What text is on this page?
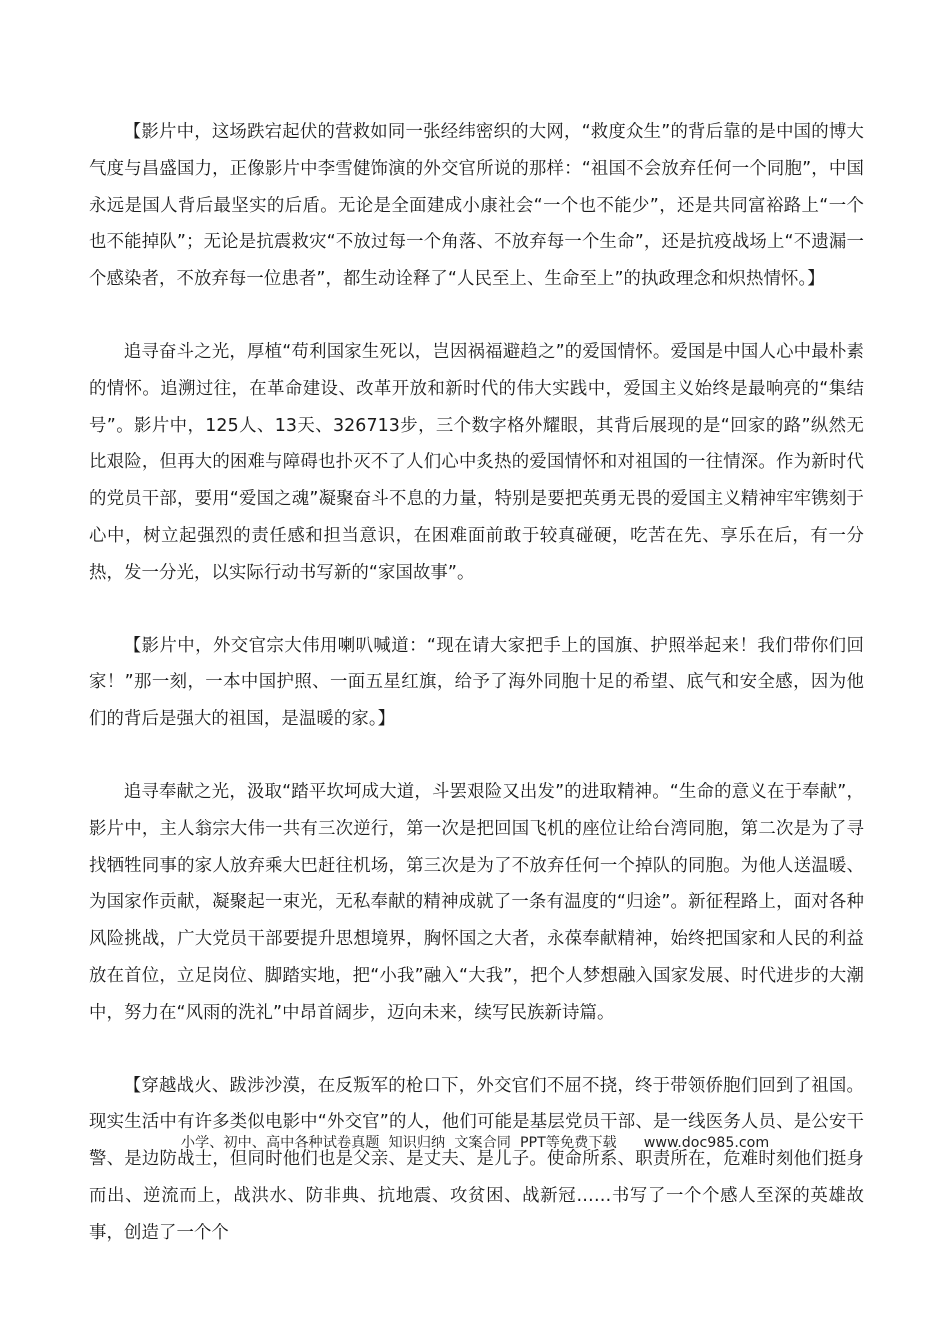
【影片中，这场跌宕起伏的营救如同一张经纬密织的大网，“救度众生”的背后靠的是中国的博大气度与昌盛国力，正像影片中李雪健饰演的外交官所说的那样：“祖国不会放弃任何一个同胞”，中国永远是国人背后最坚实的后盾。无论是全面建成小康社会“一个也不能少”，还是共同富裕路上“一个也不能掉队”；无论是抗震救灾“不放过每一个角落、不放弃每一个生命”，还是抗疫战场上“不遗漏一个感染者，不放弃每一位患者”，都生动诠释了“人民至上、生命至上”的执政理念和炽热情怀。】

追寻奋斗之光，厚植“苟利国家生死以，岂因祸福避趋之”的爱国情怀。爱国是中国人心中最朴素的情怀。追溯过往，在革命建设、改革开放和新时代的伟大实践中，爱国主义始终是最响亮的“集结号”。影片中，125人、13天、326713步，三个数字格外耀眼，其背后展现的是“回家的路”纵然无比艰险，但再大的困难与障碍也扑灭不了人们心中炙热的爱国情怀和对祖国的一往情深。作为新时代的党员干部，要用“爱国之魂”凝聚奋斗不息的力量，特别是要把英勇无畏的爱国主义精神牢牢镌刻于心中，树立起强烈的责任感和担当意识，在困难面前敢于较真碰硬，吃苦在先、享乐在后，有一分热，发一分光，以实际行动书写新的“家国故事”。

【影片中，外交官宗大伟用喇叭喊道：“现在请大家把手上的国旗、护照举起来！我们带你们回家！”那一刻，一本中国护照、一面五星红旗，给予了海外同胞十足的希望、底气和安全感，因为他们的背后是强大的祖国，是温暖的家。】

追寻奉献之光，汲取“踏平坎坷成大道，斗罢艰险又出发”的进取精神。“生命的意义在于奉献”，影片中，主人翁宗大伟一共有三次逆行，第一次是把回国飞机的座位让给台湾同胞，第二次是为了寻找牺牲同事的家人放弃乘大巴赶往机场，第三次是为了不放弃任何一个掉队的同胞。为他人送温暖、为国家作贡献，凝聚起一束光，无私奉献的精神成就了一条有温度的“归途”。新征程路上，面对各种风险挑战，广大党员干部要提升思想境界，胸怀国之大者，永葆奉献精神，始终把国家和人民的利益放在首位，立足岗位、脚踏实地，把“小我”融入“大我”，把个人梦想融入国家发展、时代进步的大潮中，努力在“风雨的洗礼”中昂首阔步，迈向未来，续写民族新诗篇。

【穿越战火、跋涉沙漠，在反叛军的枪口下，外交官们不屈不挠，终于带领侨胞们回到了祖国。现实生活中有许多类似电影中“外交官”的人，他们可能是基层党员干部、是一线医务人员、是公安干警、是边防战士，但同时他们也是父亲、是丈夫、是儿子。使命所系、职责所在，危难时刻他们挺身而出、逆流而上，战洪水、防非典、抗地震、攻贫困、战新冠……书写了一个个感人至深的英雄故事，创造了一个个

小学、初中、高中各种试卷真题  知识归纳  文案合同  PPT等免费下载      www.doc985.com
